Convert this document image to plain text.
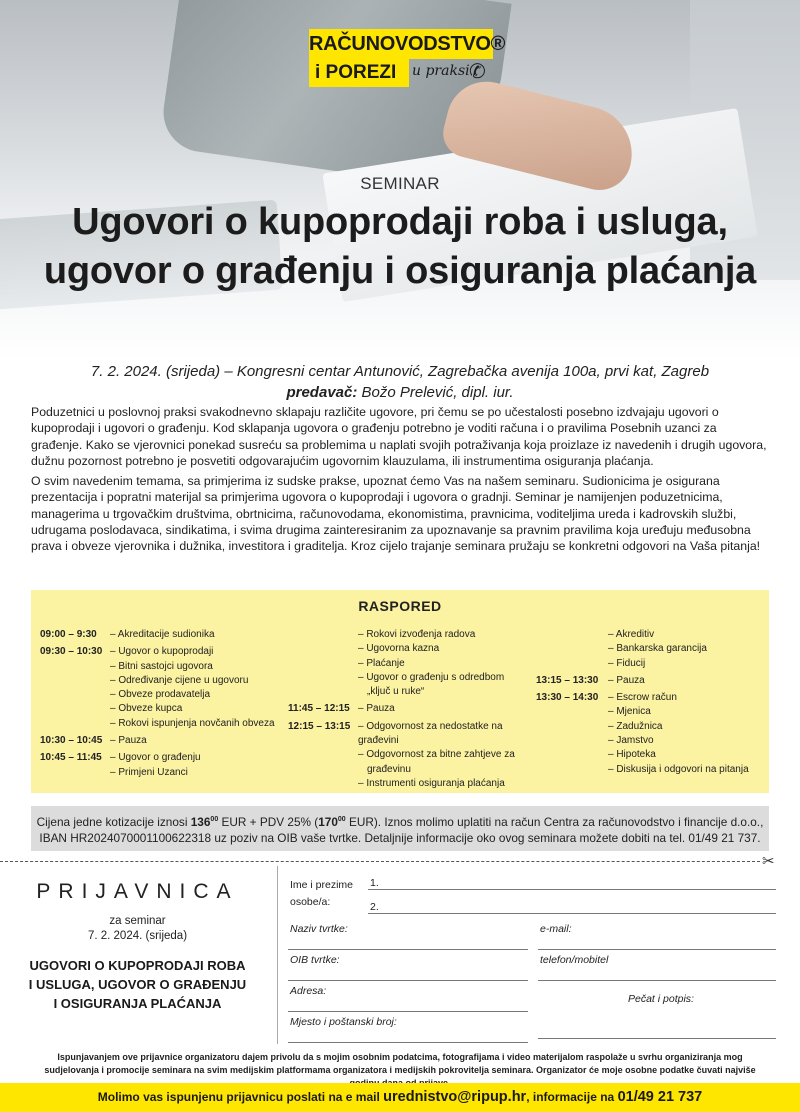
RAČUNOVODSTVO®
i POREZI	u praksi ✆
SEMINAR
Ugovori o kupoprodaji roba i usluga, ugovor o građenju i osiguranja plaćanja
7. 2. 2024. (srijeda) – Kongresni centar Antunović, Zagrebačka avenija 100a, prvi kat, Zagreb
predavač: Božo Prelević, dipl. iur.

Poduzetnici u poslovnoj praksi svakodnevno sklapaju različite ugovore, pri čemu se po učestalosti posebno izdvajaju ugovori o kupoprodaji i ugovori o građenju. Kod sklapanja ugovora o građenju potrebno je voditi računa i o pravilima Posebnih uzanci za građenje. Kako se vjerovnici ponekad susreću sa problemima u naplati svojih potraživanja koja proizlaze iz navedenih i drugih ugovora, dužnu pozornost potrebno je posvetiti odgovarajućim ugovornim klauzulama, ili instrumentima osiguranja plaćanja.

O svim navedenim temama, sa primjerima iz sudske prakse, upoznat ćemo Vas na našem seminaru. Sudionicima je osigurana prezentacija i popratni materijal sa primjerima ugovora o kupoprodaji i ugovora o gradnji. Seminar je namijenjen poduzetnicima, managerima u trgovačkim društvima, obrtnicima, računovodama, ekonomistima, pravnicima, voditeljima ureda i kadrovskih službi, udrugama poslodavaca, sindikatima, i svima drugima zainteresiranim za upoznavanje sa pravnim pravilima koja uređuju međusobna prava i obveze vjerovnika i dužnika, investitora i graditelja. Kroz cijelo trajanje seminara pružaju se konkretni odgovori na Vaša pitanja!

RASPORED
09:00 – 9:30	– Akreditacije sudionika
09:30 – 10:30 – Ugovor o kupoprodaji
– Bitni sastojci ugovora
– Određivanje cijene u ugovoru
– Obveze prodavatelja
– Obveze kupca
– Rokovi ispunjenja novčanih obveza
10:30 – 10:45 – Pauza
10:45 – 11:45 – Ugovor o građenju
– Primjeni Uzanci
– Rokovi izvođenja radova
– Ugovorna kazna
– Plaćanje
– Ugovor o građenju s odredbom
„ključ u ruke“
11:45 – 12:15 – Pauza
12:15 – 13:15 – Odgovornost za nedostatke na građevini
– Odgovornost za bitne zahtjeve za
građevinu
– Instrumenti osiguranja plaćanja
– Akreditiv
– Bankarska garancija
– Fiducij
13:15 – 13:30 – Pauza
13:30 – 14:30 – Escrow račun
– Mjenica
– Zadužnica
– Jamstvo
– Hipoteka
– Diskusija i odgovori na pitanja
Cijena jedne kotizacije iznosi $136^{00}$ EUR + PDV 25% ($170^{00}$ EUR). Iznos molimo uplatiti na račun Centra za računovodstvo i financije d.o.o.,
IBAN HR2024070001100622318 uz poziv na OIB vaše tvrtke. Detaljnije informacije oko ovog seminara možete dobiti na tel. 01/49 21 737.
✂
PRIJAVNICA
za seminar
7. 2. 2024. (srijeda)
UGOVORI O KUPOPRODAJI ROBA I USLUGA, UGOVOR O GRAĐENJU I OSIGURANJA PLAĆANJA
Ime i prezime
osobe/a:
1.
2.
Naziv tvrtke:	e-mail:
OIB tvrtke:	telefon/mobitel
Adresa:
Pečat i potpis:
Mjesto i poštanski broj:
Ispunjavanjem ove prijavnice organizatoru dajem privolu da s mojim osobnim podatcima, fotografijama i video materijalom raspolaže u svrhu organiziranja mog sudjelovanja i promocije seminara na svim medijskim platformama organizatora i medijskih pokrovitelja seminara. Organizator će moje osobne podatke čuvati najviše
Molimo vas ispunjenu prijavnicu poslati na e mail urednistvo@ripup.hr, informacije na 01/49 21 737
